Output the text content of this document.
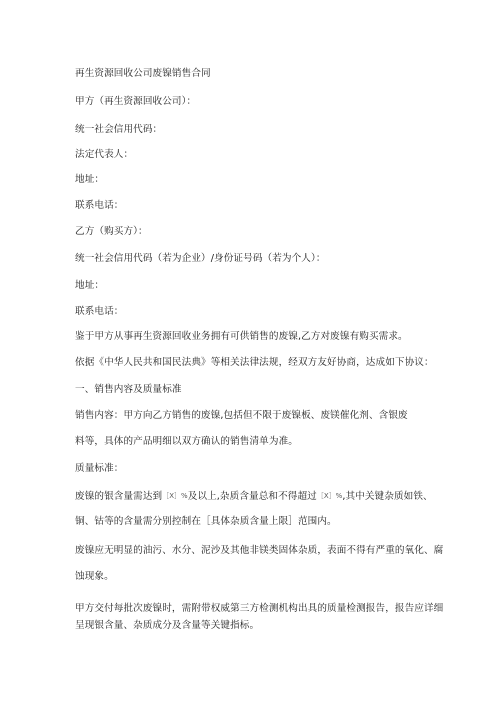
再生资源回收公司废镍销售合同
甲方（再生资源回收公司）：
统一社会信用代码：
法定代表人：
地址：
联系电话：
乙方（购买方）：
统一社会信用代码（若为企业）/身份证号码（若为个人）：
地址：
联系电话：
鉴于甲方从事再生资源回收业务拥有可供销售的废镍,乙方对废镍有购买需求。
依据《中华人民共和国民法典》等相关法律法规，经双方友好协商，达成如下协议：
一、销售内容及质量标准
销售内容：甲方向乙方销售的废镍,包括但不限于废镍板、废镁催化剂、含银废
料等，具体的产品明细以双方确认的销售清单为准。
质量标准：
废镍的银含量需达到［X］%及以上,杂质含量总和不得超过［X］%,其中关键杂质如铁、
铜、钴等的含量需分别控制在［具体杂质含量上限］范围内。
废镍应无明显的油污、水分、泥沙及其他非镁类固体杂质，表面不得有严重的氧化、腐
蚀现象。
甲方交付每批次废镍时，需附带权威第三方检测机构出具的质量检测报告，报告应详细
呈现银含量、杂质成分及含量等关键指标。
